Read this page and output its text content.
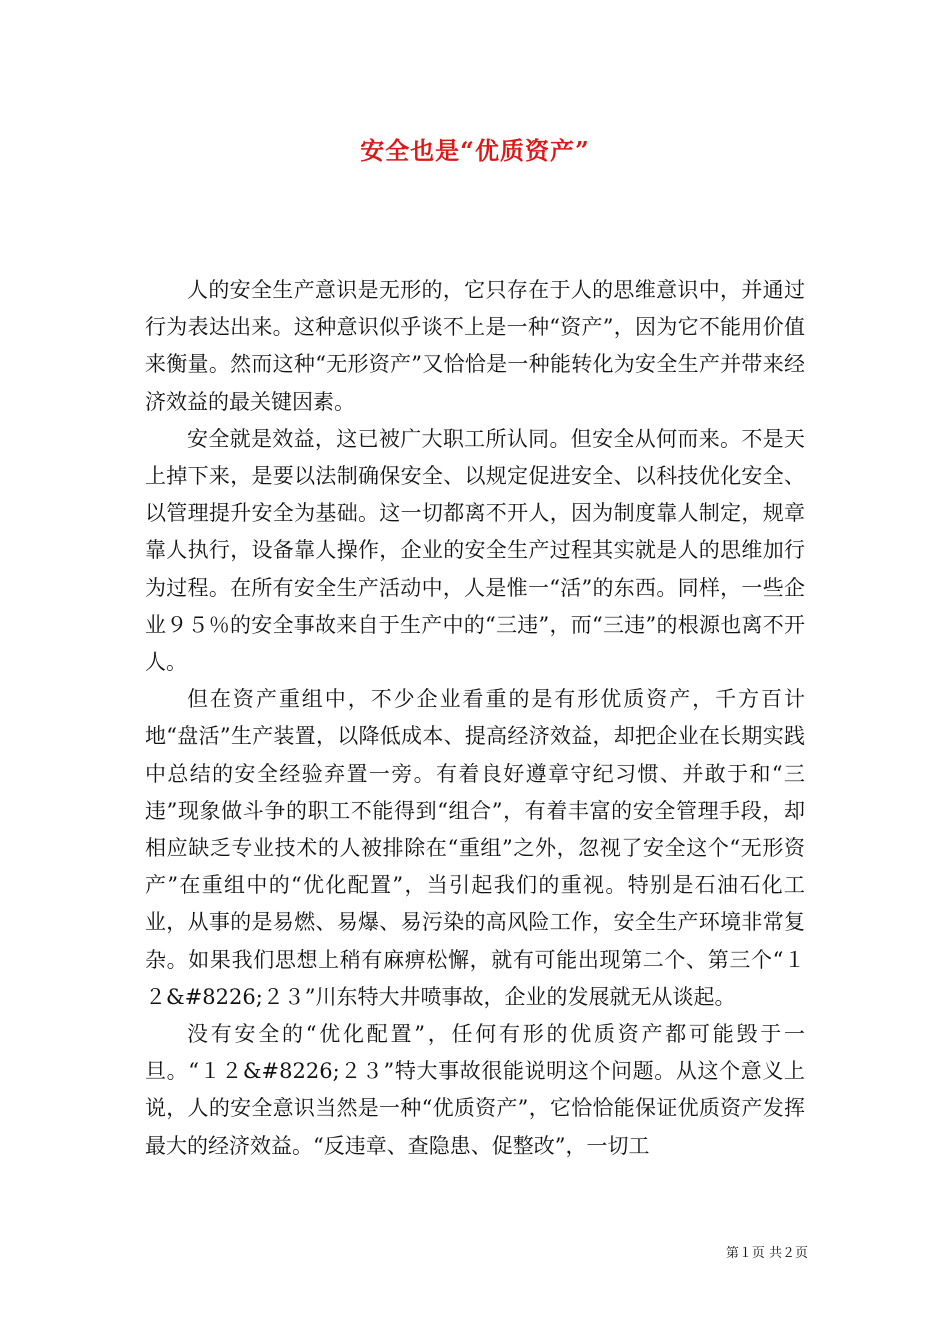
安全也是“优质资产”

人的安全生产意识是无形的，它只存在于人的思维意识中，并通过行为表达出来。这种意识似乎谈不上是一种“资产”，因为它不能用价值来衡量。然而这种“无形资产”又恰恰是一种能转化为安全生产并带来经济效益的最关键因素。

安全就是效益，这已被广大职工所认同。但安全从何而来。不是天上掉下来，是要以法制确保安全、以规定促进安全、以科技优化安全、以管理提升安全为基础。这一切都离不开人，因为制度靠人制定，规章靠人执行，设备靠人操作，企业的安全生产过程其实就是人的思维加行为过程。在所有安全生产活动中，人是惟一“活”的东西。同样，一些企业９５％的安全事故来自于生产中的“三违”，而“三违”的根源也离不开人。

但在资产重组中，不少企业看重的是有形优质资产，千方百计地“盘活”生产装置，以降低成本、提高经济效益，却把企业在长期实践中总结的安全经验弃置一旁。有着良好遵章守纪习惯、并敢于和“三违”现象做斗争的职工不能得到“组合”，有着丰富的安全管理手段，却相应缺乏专业技术的人被排除在“重组”之外，忽视了安全这个“无形资产”在重组中的“优化配置”，当引起我们的重视。特别是石油石化工业，从事的是易燃、易爆、易污染的高风险工作，安全生产环境非常复杂。如果我们思想上稍有麻痹松懈，就有可能出现第二个、第三个“１２&#8226;２３”川东特大井喷事故，企业的发展就无从谈起。

没有安全的“优化配置”，任何有形的优质资产都可能毁于一旦。“１２&#8226;２３”特大事故很能说明这个问题。从这个意义上说，人的安全意识当然是一种“优质资产”，它恰恰能保证优质资产发挥最大的经济效益。“反违章、查隐患、促整改”，一切工

第１页 共２页
